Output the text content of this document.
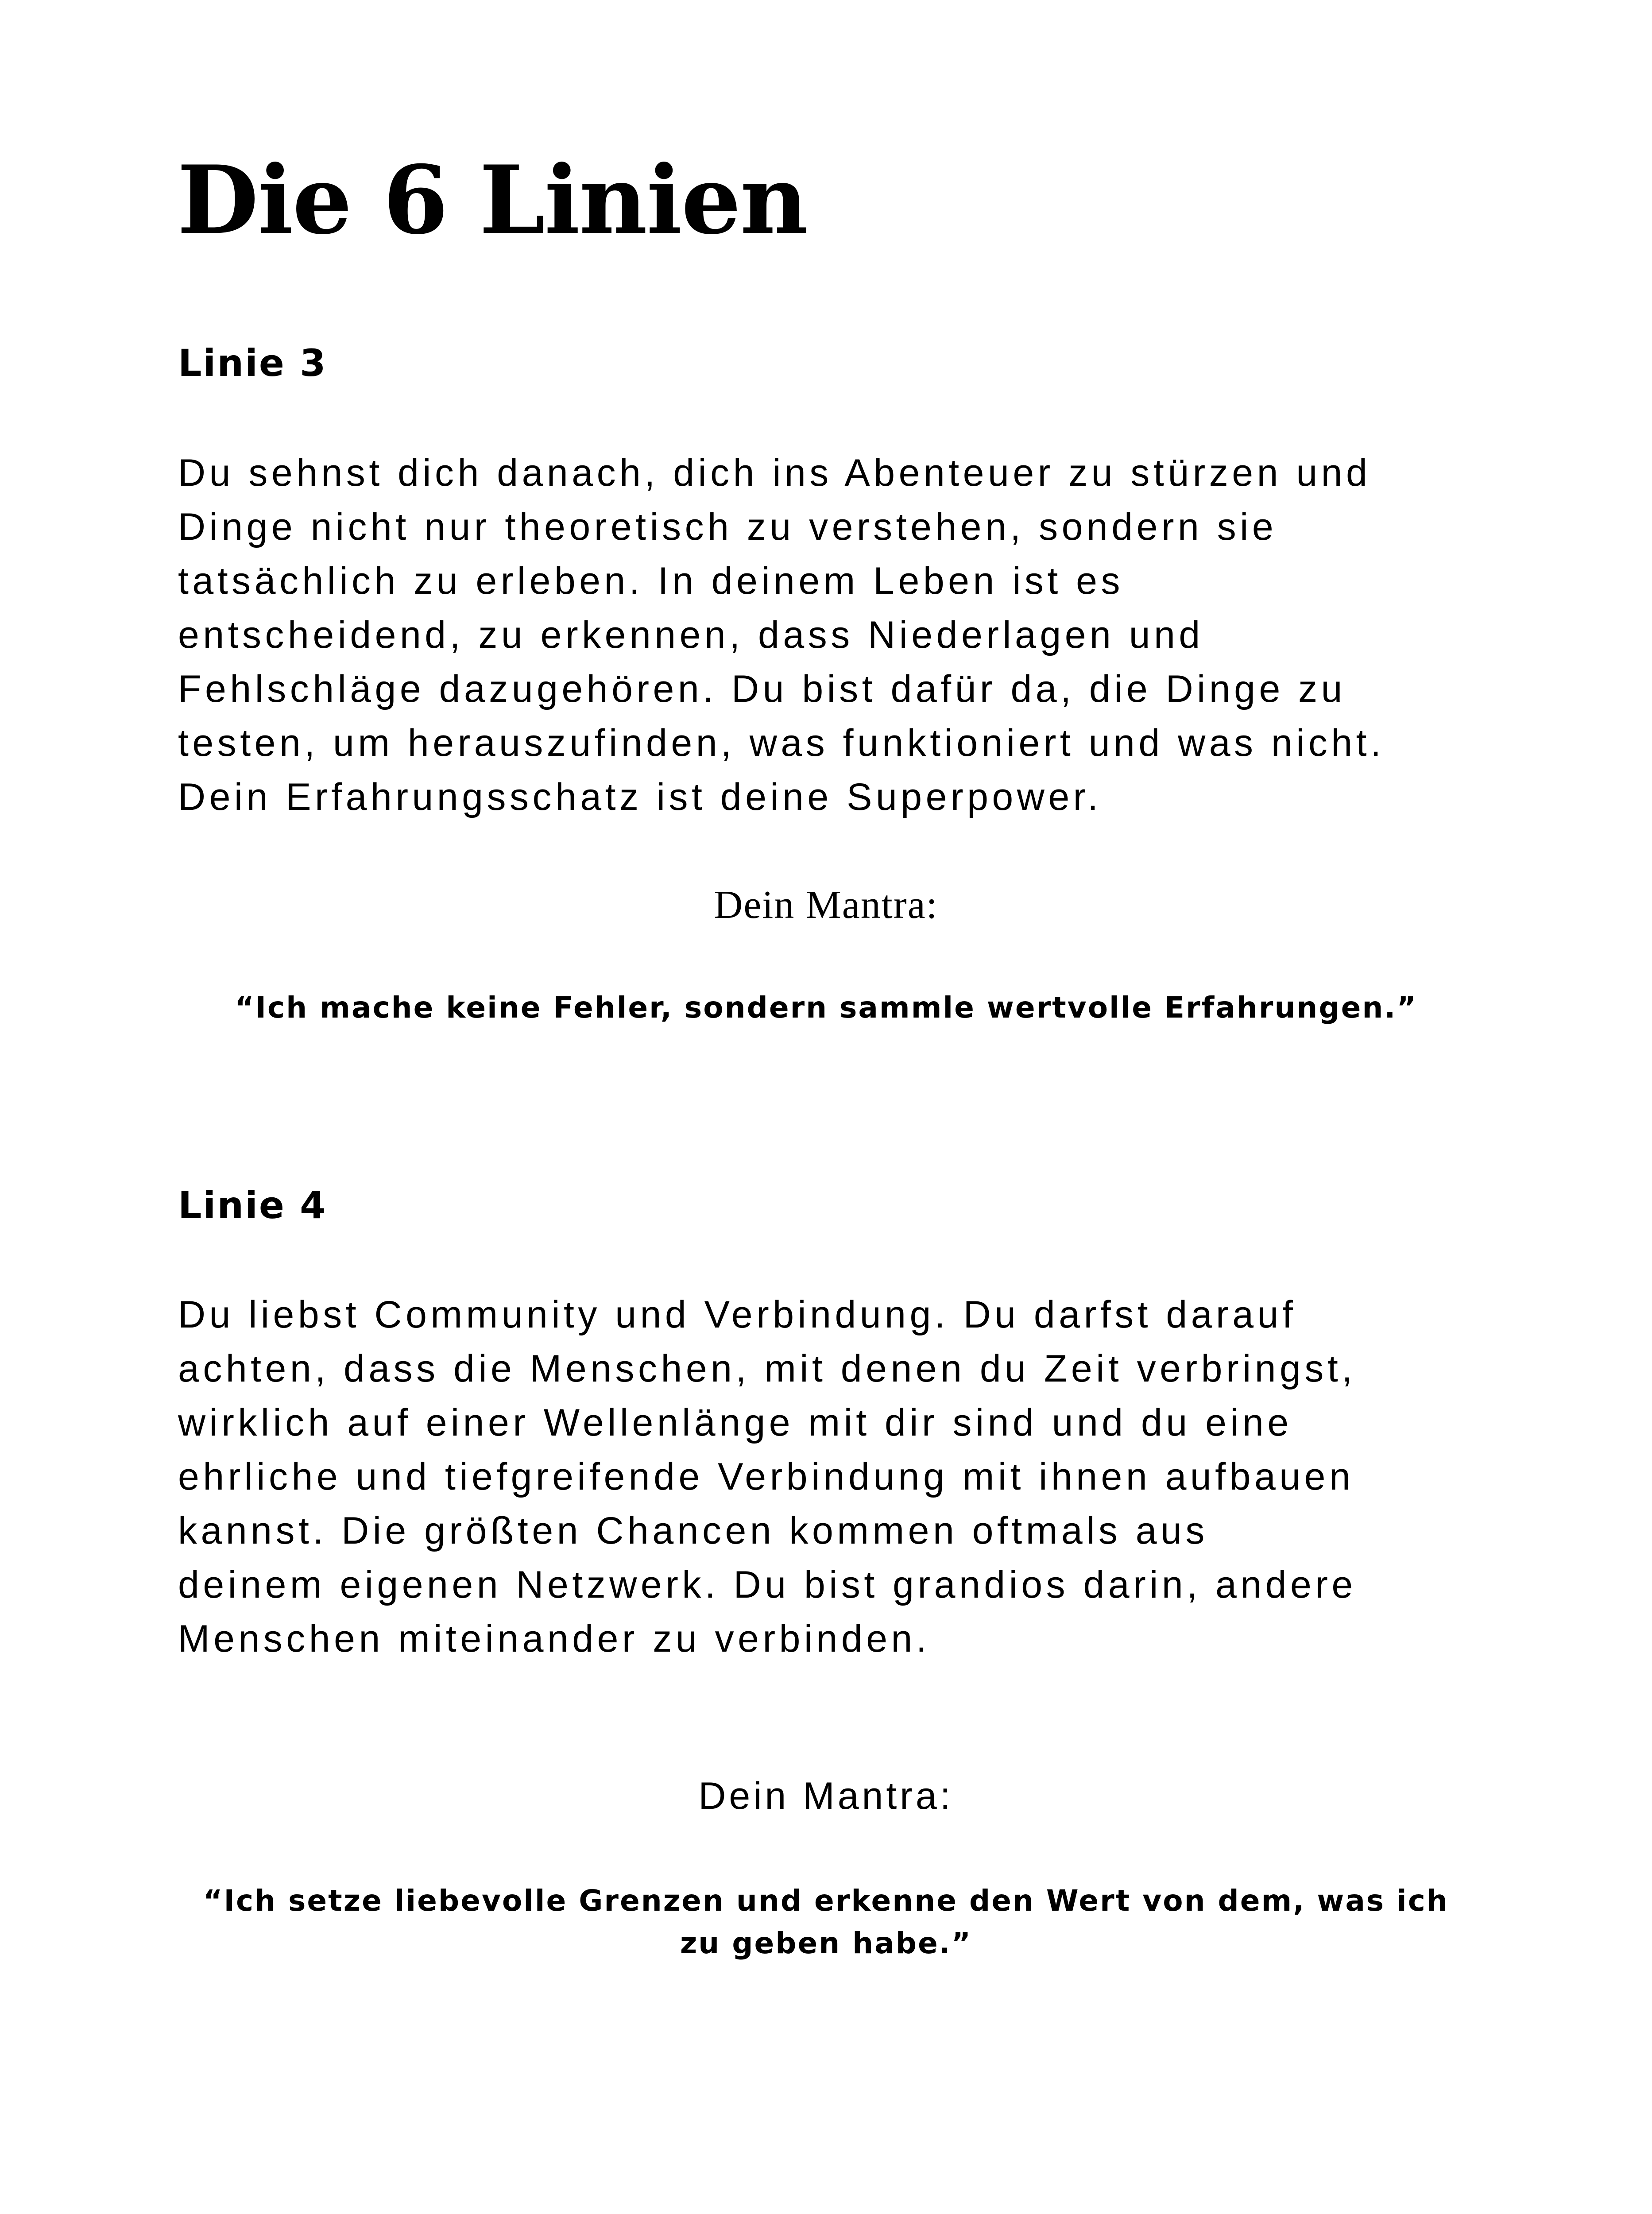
Die 6 Linien
Linie 3
Du sehnst dich danach, dich ins Abenteuer zu stürzen und
Dinge nicht nur theoretisch zu verstehen, sondern sie
tatsächlich zu erleben. In deinem Leben ist es
entscheidend, zu erkennen, dass Niederlagen und
Fehlschläge dazugehören. Du bist dafür da, die Dinge zu
testen, um herauszufinden, was funktioniert und was nicht.
Dein Erfahrungsschatz ist deine Superpower.

Dein Mantra:

“Ich mache keine Fehler, sondern sammle wertvolle Erfahrungen.”
Linie 4
Du liebst Community und Verbindung. Du darfst darauf
achten, dass die Menschen, mit denen du Zeit verbringst,
wirklich auf einer Wellenlänge mit dir sind und du eine
ehrliche und tiefgreifende Verbindung mit ihnen aufbauen
kannst. Die größten Chancen kommen oftmals aus
deinem eigenen Netzwerk. Du bist grandios darin, andere
Menschen miteinander zu verbinden.

Dein Mantra:

“Ich setze liebevolle Grenzen und erkenne den Wert von dem, was ich
zu geben habe.”
